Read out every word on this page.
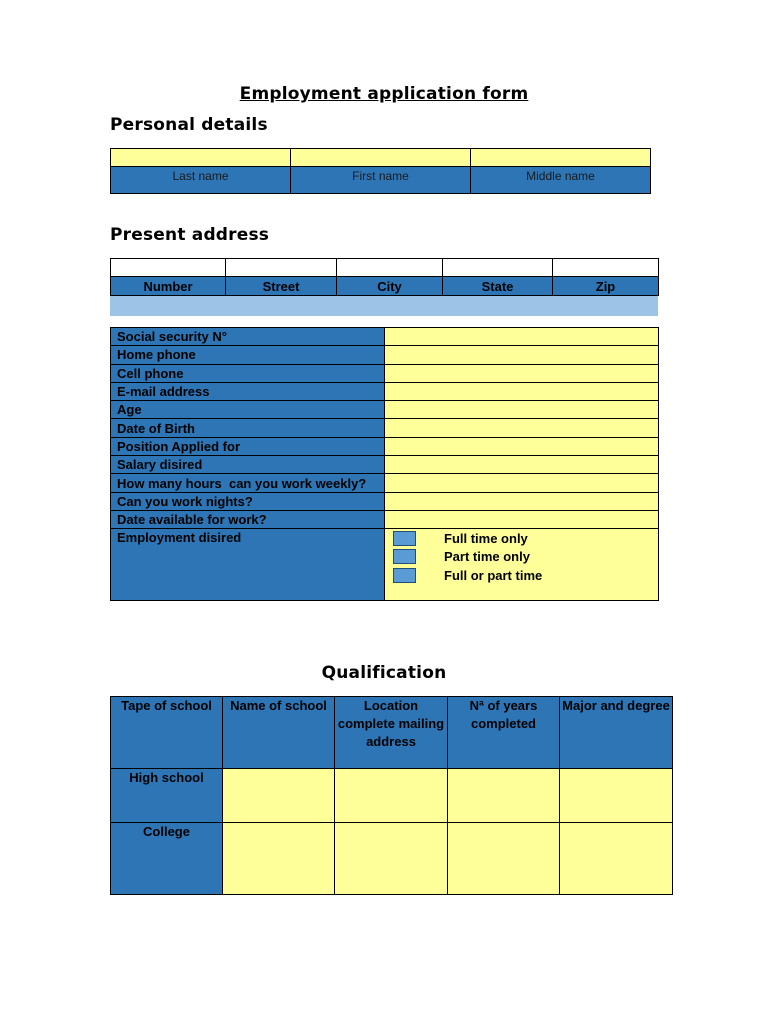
Employment application form
Personal details

Last name	First name	Middle name
Present address

Number	Street	City	State	Zip
Social security N°	
Home phone	
Cell phone	
E-mail address	
Age	
Date of Birth	
Position Applied for	
Salary disired	
How many hours  can you work weekly?	
Can you work nights?	
Date available for work?	
Employment disired	Full time only
Part time only
Full or part time
Qualification
Tape of school	Name of school	Location complete mailing address	Nª of years completed	Major and degree
High school				
College				
